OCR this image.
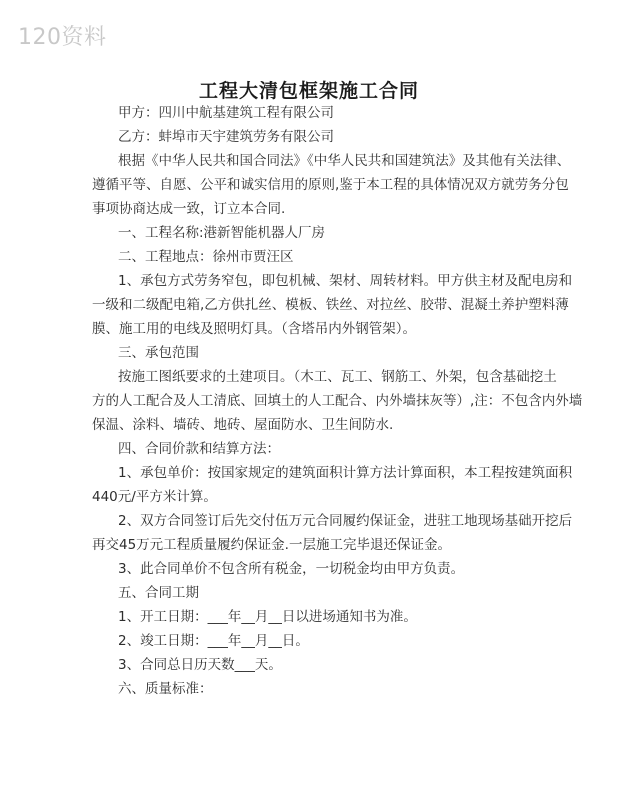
120资料
工程大清包框架施工合同
甲方：四川中航基建筑工程有限公司
乙方：蚌埠市天宇建筑劳务有限公司
根据《中华人民共和国合同法》《中华人民共和国建筑法》及其他有关法律、
遵循平等、自愿、公平和诚实信用的原则,鉴于本工程的具体情况双方就劳务分包
事项协商达成一致，订立本合同.
一、工程名称:港新智能机器人厂房
二、工程地点：徐州市贾汪区
1、承包方式劳务窄包，即包机械、架材、周转材料。甲方供主材及配电房和
一级和二级配电箱,乙方供扎丝、模板、铁丝、对拉丝、胶带、混凝土养护塑料薄
膜、施工用的电线及照明灯具。（含塔吊内外钢管架）。
三、承包范围
按施工图纸要求的土建项目。（木工、瓦工、钢筋工、外架，包含基础挖土
方的人工配合及人工清底、回填土的人工配合、内外墙抹灰等）,注：不包含内外墙
保温、涂料、墙砖、地砖、屋面防水、卫生间防水.
四、合同价款和结算方法：
1、承包单价：按国家规定的建筑面积计算方法计算面积，本工程按建筑面积
440元/平方米计算。
2、双方合同签订后先交付伍万元合同履约保证金，进驻工地现场基础开挖后
再交45万元工程质量履约保证金.一层施工完毕退还保证金。
3、此合同单价不包含所有税金，一切税金均由甲方负责。
五、合同工期
1、开工日期：___年__月__日以进场通知书为准。
2、竣工日期：___年__月__日。
3、合同总日历天数___天。
六、质量标准：
